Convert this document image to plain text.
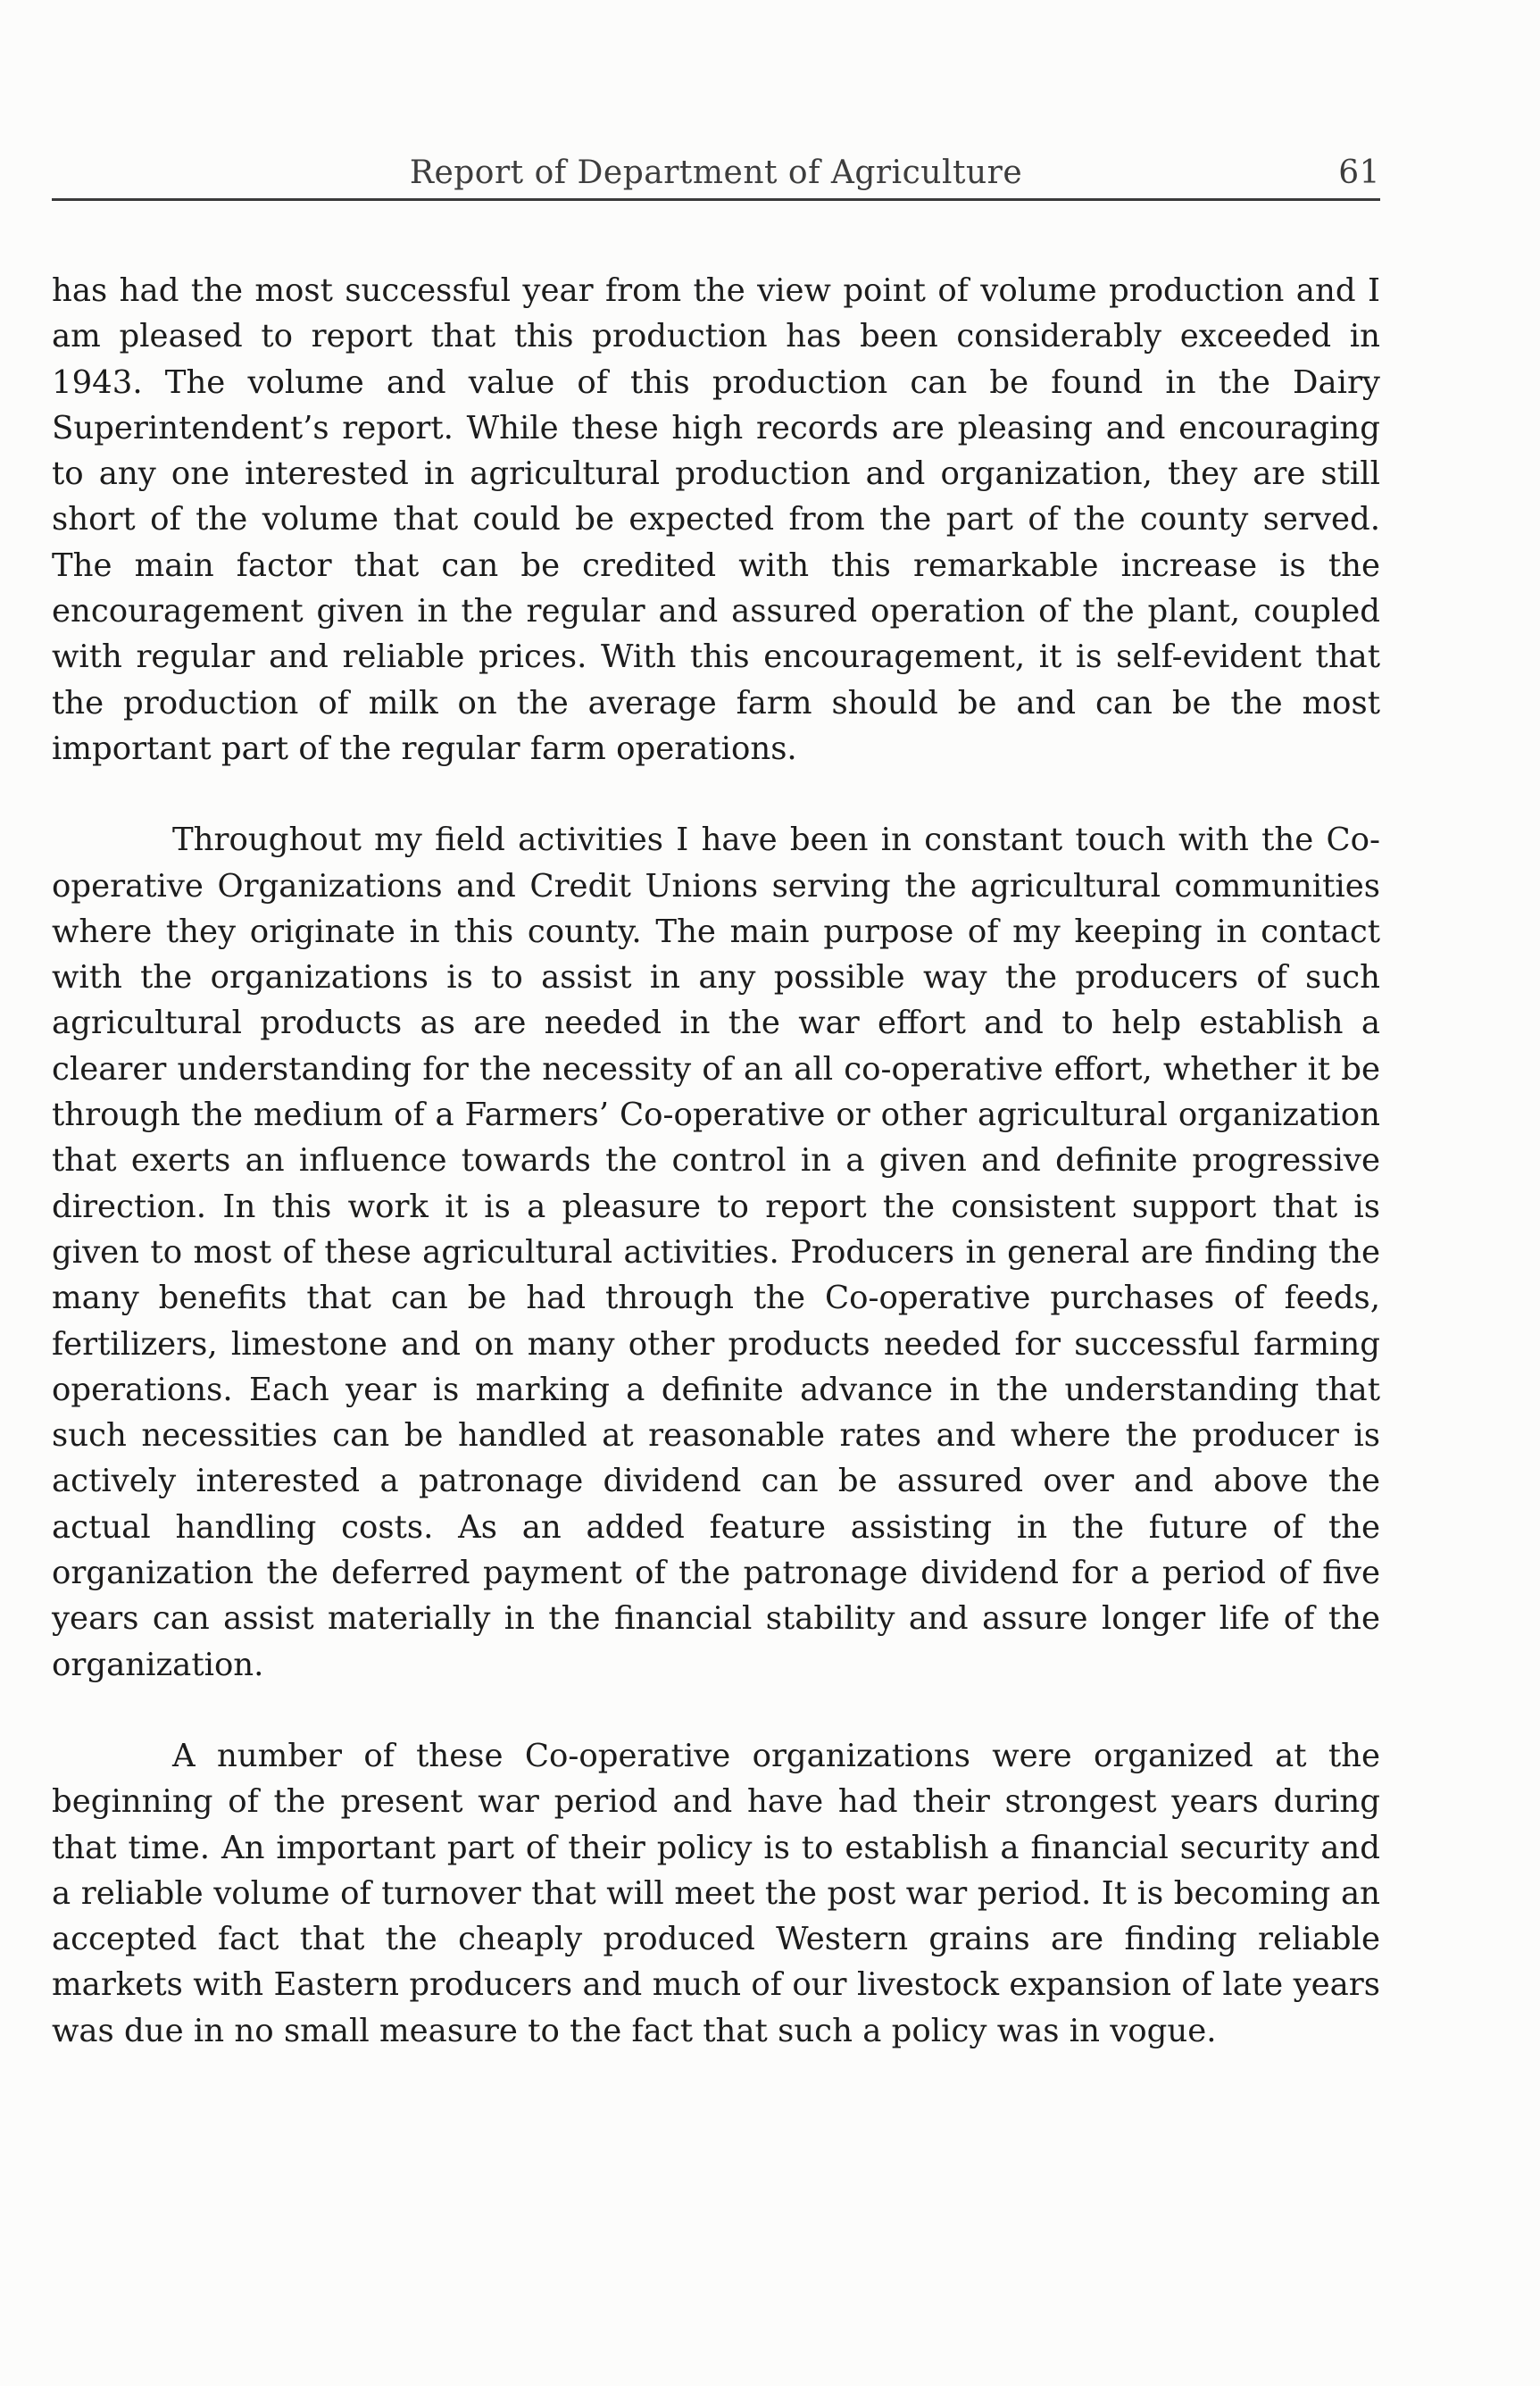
Report of Department of Agriculture	61

has had the most successful year from the view point of volume production and I am pleased to report that this production has been considerably exceeded in 1943. The volume and value of this production can be found in the Dairy Superintendent’s report. While these high records are pleasing and encouraging to any one interested in agricultural production and organization, they are still short of the volume that could be expected from the part of the county served. The main factor that can be credited with this remarkable increase is the encouragement given in the regular and assured operation of the plant, coupled with regular and reliable prices. With this encouragement, it is self-evident that the production of milk on the average farm should be and can be the most important part of the regular farm operations.

Throughout my field activities I have been in constant touch with the Co-operative Organizations and Credit Unions serving the agricultural communities where they originate in this county. The main purpose of my keeping in contact with the organizations is to assist in any possible way the producers of such agricultural products as are needed in the war effort and to help establish a clearer understanding for the necessity of an all co-operative effort, whether it be through the medium of a Farmers’ Co-operative or other agricultural organization that exerts an influence towards the control in a given and definite progressive direction. In this work it is a pleasure to report the consistent support that is given to most of these agricultural activities. Producers in general are finding the many benefits that can be had through the Co-operative purchases of feeds, fertilizers, limestone and on many other products needed for successful farming operations. Each year is marking a definite advance in the understanding that such necessities can be handled at reasonable rates and where the producer is actively interested a patronage dividend can be assured over and above the actual handling costs. As an added feature assisting in the future of the organization the deferred payment of the patronage dividend for a period of five years can assist materially in the financial stability and assure longer life of the organization.

A number of these Co-operative organizations were organized at the beginning of the present war period and have had their strongest years during that time. An important part of their policy is to establish a financial security and a reliable volume of turnover that will meet the post war period. It is becoming an accepted fact that the cheaply produced Western grains are finding reliable markets with Eastern producers and much of our livestock expansion of late years was due in no small measure to the fact that such a policy was in vogue.
